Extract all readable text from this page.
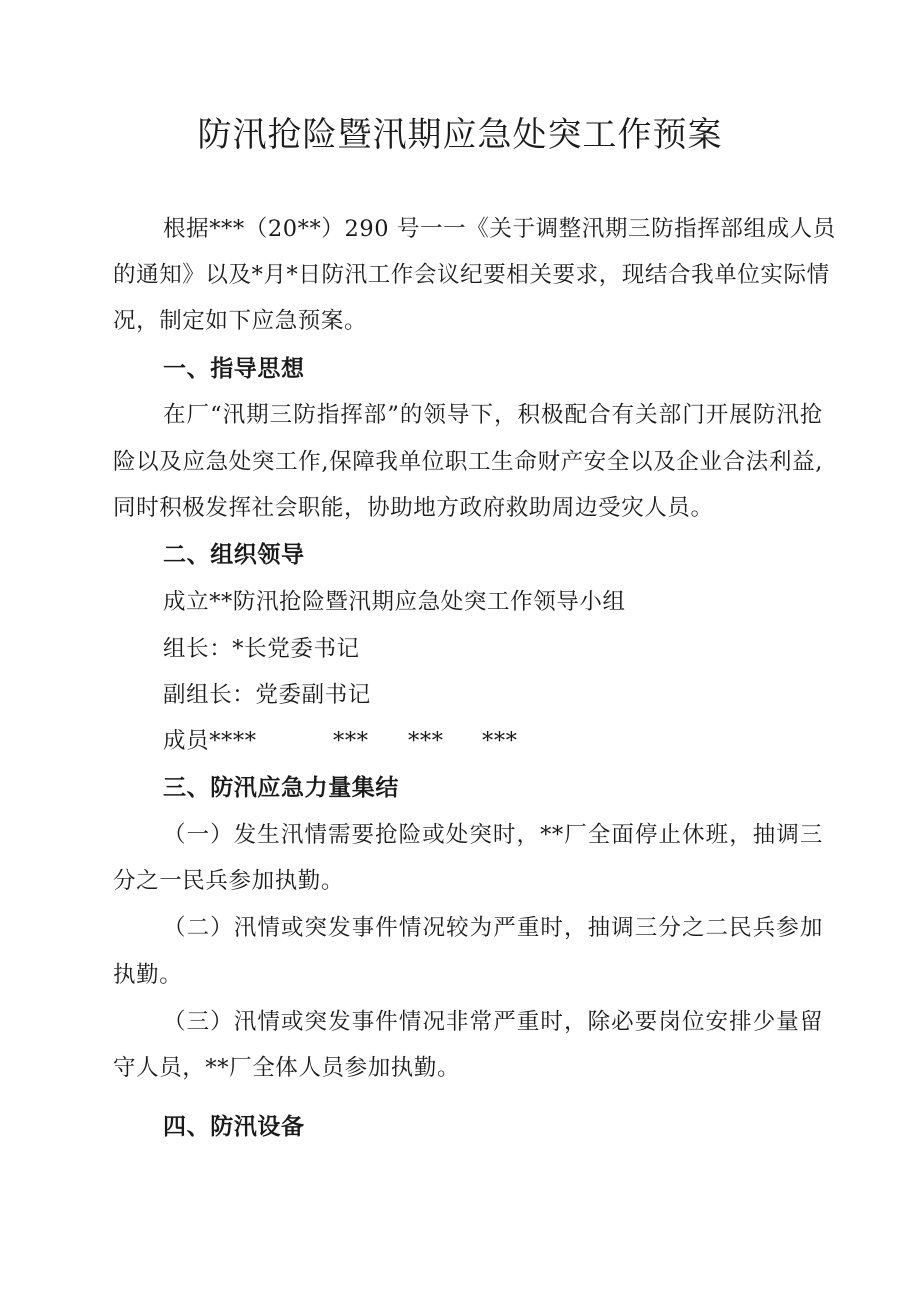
防汛抢险暨汛期应急处突工作预案
根据***（20**）290 号一一《关于调整汛期三防指挥部组成人员
的通知》以及*月*日防汛工作会议纪要相关要求，现结合我单位实际情
况，制定如下应急预案。
一、指导思想
在厂“汛期三防指挥部”的领导下，积极配合有关部门开展防汛抢
险以及应急处突工作,保障我单位职工生命财产安全以及企业合法利益,
同时积极发挥社会职能，协助地方政府救助周边受灾人员。
二、组织领导
成立**防汛抢险暨汛期应急处突工作领导小组
组长：*长党委书记
副组长：党委副书记
成员****	***	***	***
三、防汛应急力量集结
（一）发生汛情需要抢险或处突时，**厂全面停止休班，抽调三
分之一民兵参加执勤。
（二）汛情或突发事件情况较为严重时，抽调三分之二民兵参加
执勤。
（三）汛情或突发事件情况非常严重时，除必要岗位安排少量留
守人员，**厂全体人员参加执勤。
四、防汛设备
